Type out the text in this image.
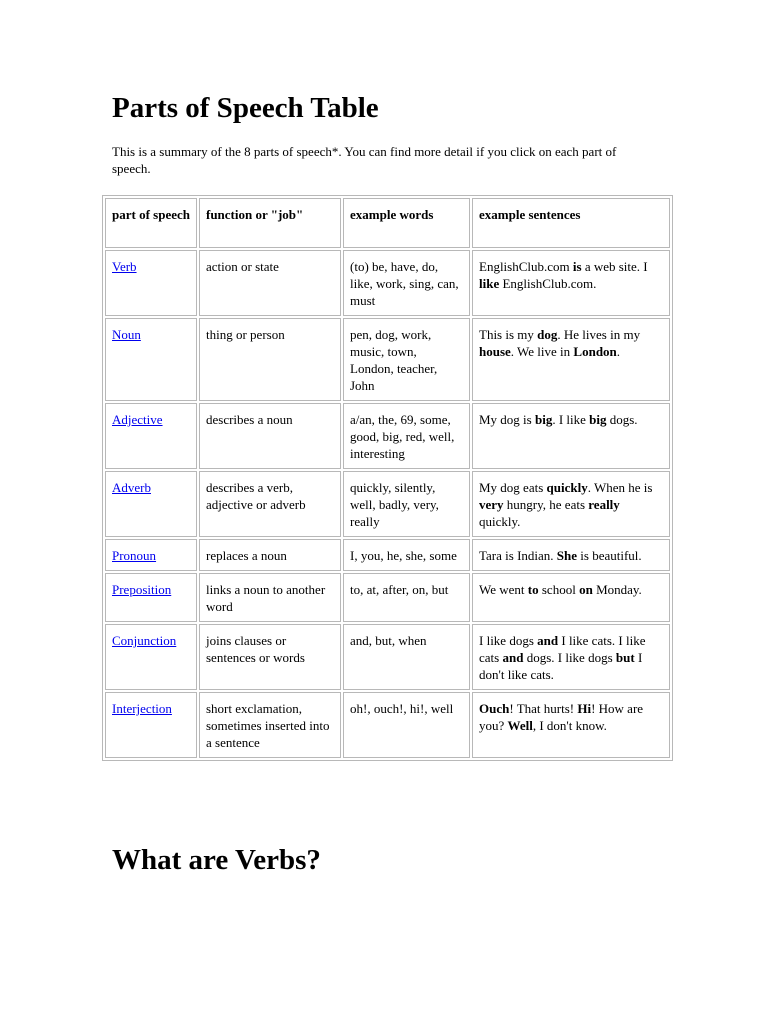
Parts of Speech Table

This is a summary of the 8 parts of speech*. You can find more detail if you click on each part of speech.

part of speech	function or "job"	example words	example sentences
Verb	action or state	(to) be, have, do, like, work, sing, can, must	EnglishClub.com is a web site. I like EnglishClub.com.
Noun	thing or person	pen, dog, work, music, town, London, teacher, John	This is my dog. He lives in my house. We live in London.
Adjective	describes a noun	a/an, the, 69, some, good, big, red, well, interesting	My dog is big. I like big dogs.
Adverb	describes a verb, adjective or adverb	quickly, silently, well, badly, very, really	My dog eats quickly. When he is very hungry, he eats really quickly.
Pronoun	replaces a noun	I, you, he, she, some	Tara is Indian. She is beautiful.
Preposition	links a noun to another word	to, at, after, on, but	We went to school on Monday.
Conjunction	joins clauses or sentences or words	and, but, when	I like dogs and I like cats. I like cats and dogs. I like dogs but I don't like cats.
Interjection	short exclamation, sometimes inserted into a sentence	oh!, ouch!, hi!, well	Ouch! That hurts! Hi! How are you? Well, I don't know.
What are Verbs?
